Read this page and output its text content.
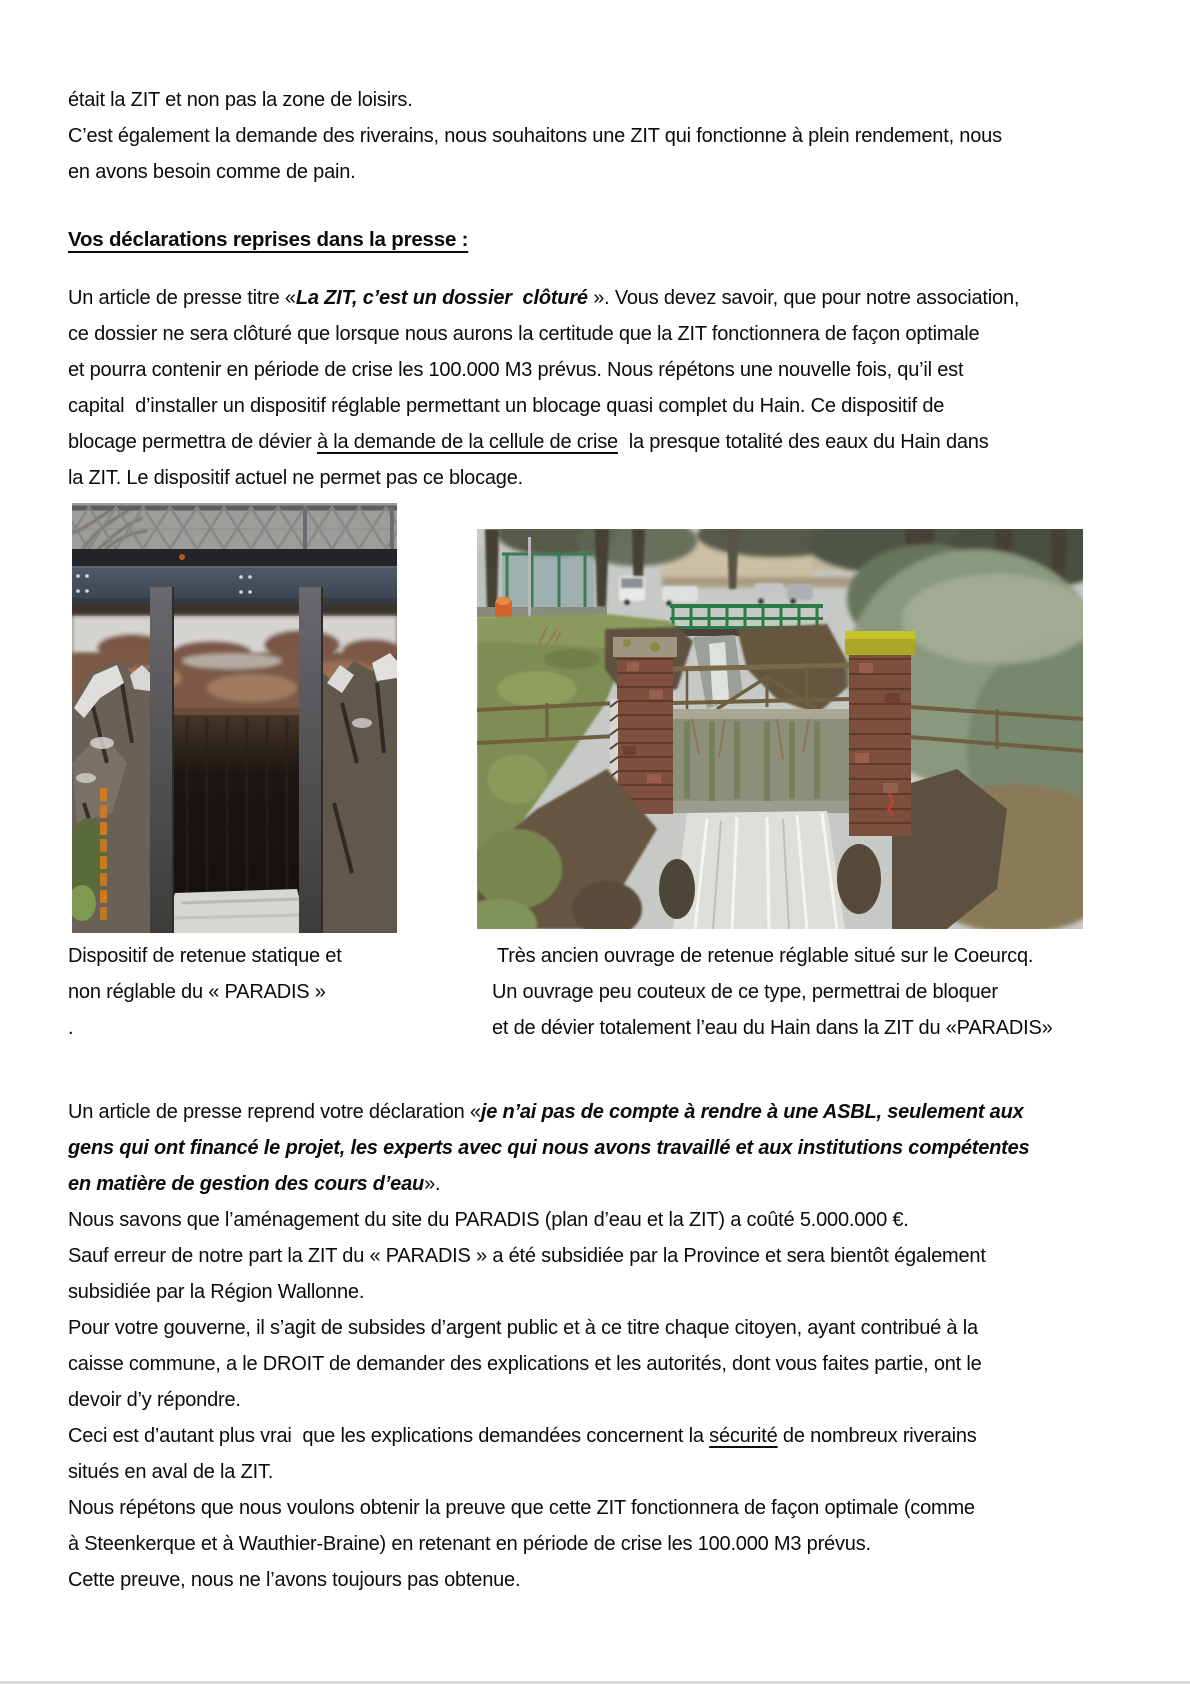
était la ZIT et non pas la zone de loisirs.
C’est également la demande des riverains, nous souhaitons une ZIT qui fonctionne à plein rendement, nous
en avons besoin comme de pain.
Vos déclarations reprises dans la presse :
Un article de presse titre «La ZIT, c’est un dossier  clôturé ». Vous devez savoir, que pour notre association,
ce dossier ne sera clôturé que lorsque nous aurons la certitude que la ZIT fonctionnera de façon optimale
et pourra contenir en période de crise les 100.000 M3 prévus. Nous répétons une nouvelle fois, qu’il est
capital  d’installer un dispositif réglable permettant un blocage quasi complet du Hain. Ce dispositif de
blocage permettra de dévier à la demande de la cellule de crise  la presque totalité des eaux du Hain dans
la ZIT. Le dispositif actuel ne permet pas ce blocage.
Dispositif de retenue statique et
non réglable du « PARADIS »
.
Très ancien ouvrage de retenue réglable situé sur le Coeurcq.
Un ouvrage peu couteux de ce type, permettrai de bloquer
et de dévier totalement l’eau du Hain dans la ZIT du «PARADIS»
Un article de presse reprend votre déclaration «je n’ai pas de compte à rendre à une ASBL, seulement aux
gens qui ont financé le projet, les experts avec qui nous avons travaillé et aux institutions compétentes
en matière de gestion des cours d’eau».
Nous savons que l’aménagement du site du PARADIS (plan d’eau et la ZIT) a coûté 5.000.000 €.
Sauf erreur de notre part la ZIT du « PARADIS » a été subsidiée par la Province et sera bientôt également
subsidiée par la Région Wallonne.
Pour votre gouverne, il s’agit de subsides d’argent public et à ce titre chaque citoyen, ayant contribué à la
caisse commune, a le DROIT de demander des explications et les autorités, dont vous faites partie, ont le
devoir d’y répondre.
Ceci est d’autant plus vrai  que les explications demandées concernent la sécurité de nombreux riverains
situés en aval de la ZIT.
Nous répétons que nous voulons obtenir la preuve que cette ZIT fonctionnera de façon optimale (comme
à Steenkerque et à Wauthier-Braine) en retenant en période de crise les 100.000 M3 prévus.
Cette preuve, nous ne l’avons toujours pas obtenue.
